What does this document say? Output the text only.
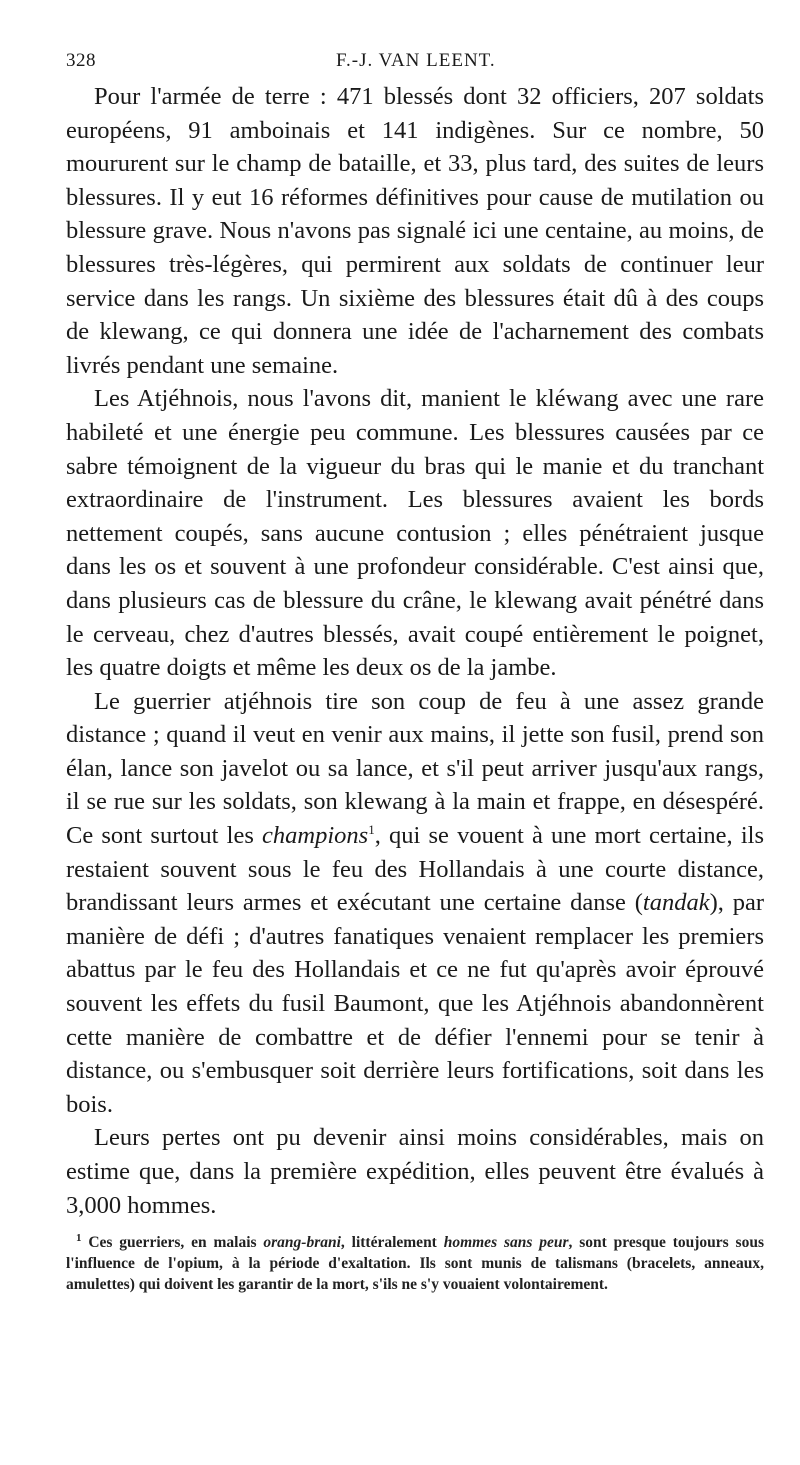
328	F.-J. VAN LEENT.

Pour l'armée de terre : 471 blessés dont 32 officiers, 207 soldats européens, 91 amboinais et 141 indigènes. Sur ce nombre, 50 moururent sur le champ de bataille, et 33, plus tard, des suites de leurs blessures. Il y eut 16 réformes définitives pour cause de mutilation ou blessure grave. Nous n'avons pas signalé ici une centaine, au moins, de blessures très-légères, qui permirent aux soldats de continuer leur service dans les rangs. Un sixième des blessures était dû à des coups de klewang, ce qui donnera une idée de l'acharnement des combats livrés pendant une semaine.

Les Atjéhnois, nous l'avons dit, manient le kléwang avec une rare habileté et une énergie peu commune. Les blessures causées par ce sabre témoignent de la vigueur du bras qui le manie et du tranchant extraordinaire de l'instrument. Les blessures avaient les bords nettement coupés, sans aucune contusion ; elles pénétraient jusque dans les os et souvent à une profondeur considérable. C'est ainsi que, dans plusieurs cas de blessure du crâne, le klewang avait pénétré dans le cerveau, chez d'autres blessés, avait coupé entièrement le poignet, les quatre doigts et même les deux os de la jambe.

Le guerrier atjéhnois tire son coup de feu à une assez grande distance ; quand il veut en venir aux mains, il jette son fusil, prend son élan, lance son javelot ou sa lance, et s'il peut arriver jusqu'aux rangs, il se rue sur les soldats, son klewang à la main et frappe, en désespéré. Ce sont surtout les champions$^1$, qui se vouent à une mort certaine, ils restaient souvent sous le feu des Hollandais à une courte distance, brandissant leurs armes et exécutant une certaine danse (tandak), par manière de défi ; d'autres fanatiques venaient remplacer les premiers abattus par le feu des Hollandais et ce ne fut qu'après avoir éprouvé souvent les effets du fusil Baumont, que les Atjéhnois abandonnèrent cette manière de combattre et de défier l'ennemi pour se tenir à distance, ou s'embusquer soit derrière leurs fortifications, soit dans les bois.

Leurs pertes ont pu devenir ainsi moins considérables, mais on estime que, dans la première expédition, elles peuvent être évalués à 3,000 hommes.

$^1$ Ces guerriers, en malais orang-brani, littéralement hommes sans peur, sont presque toujours sous l'influence de l'opium, à la période d'exaltation. Ils sont munis de talismans (bracelets, anneaux, amulettes) qui doivent les garantir de la mort, s'ils ne s'y vouaient volontairement.
